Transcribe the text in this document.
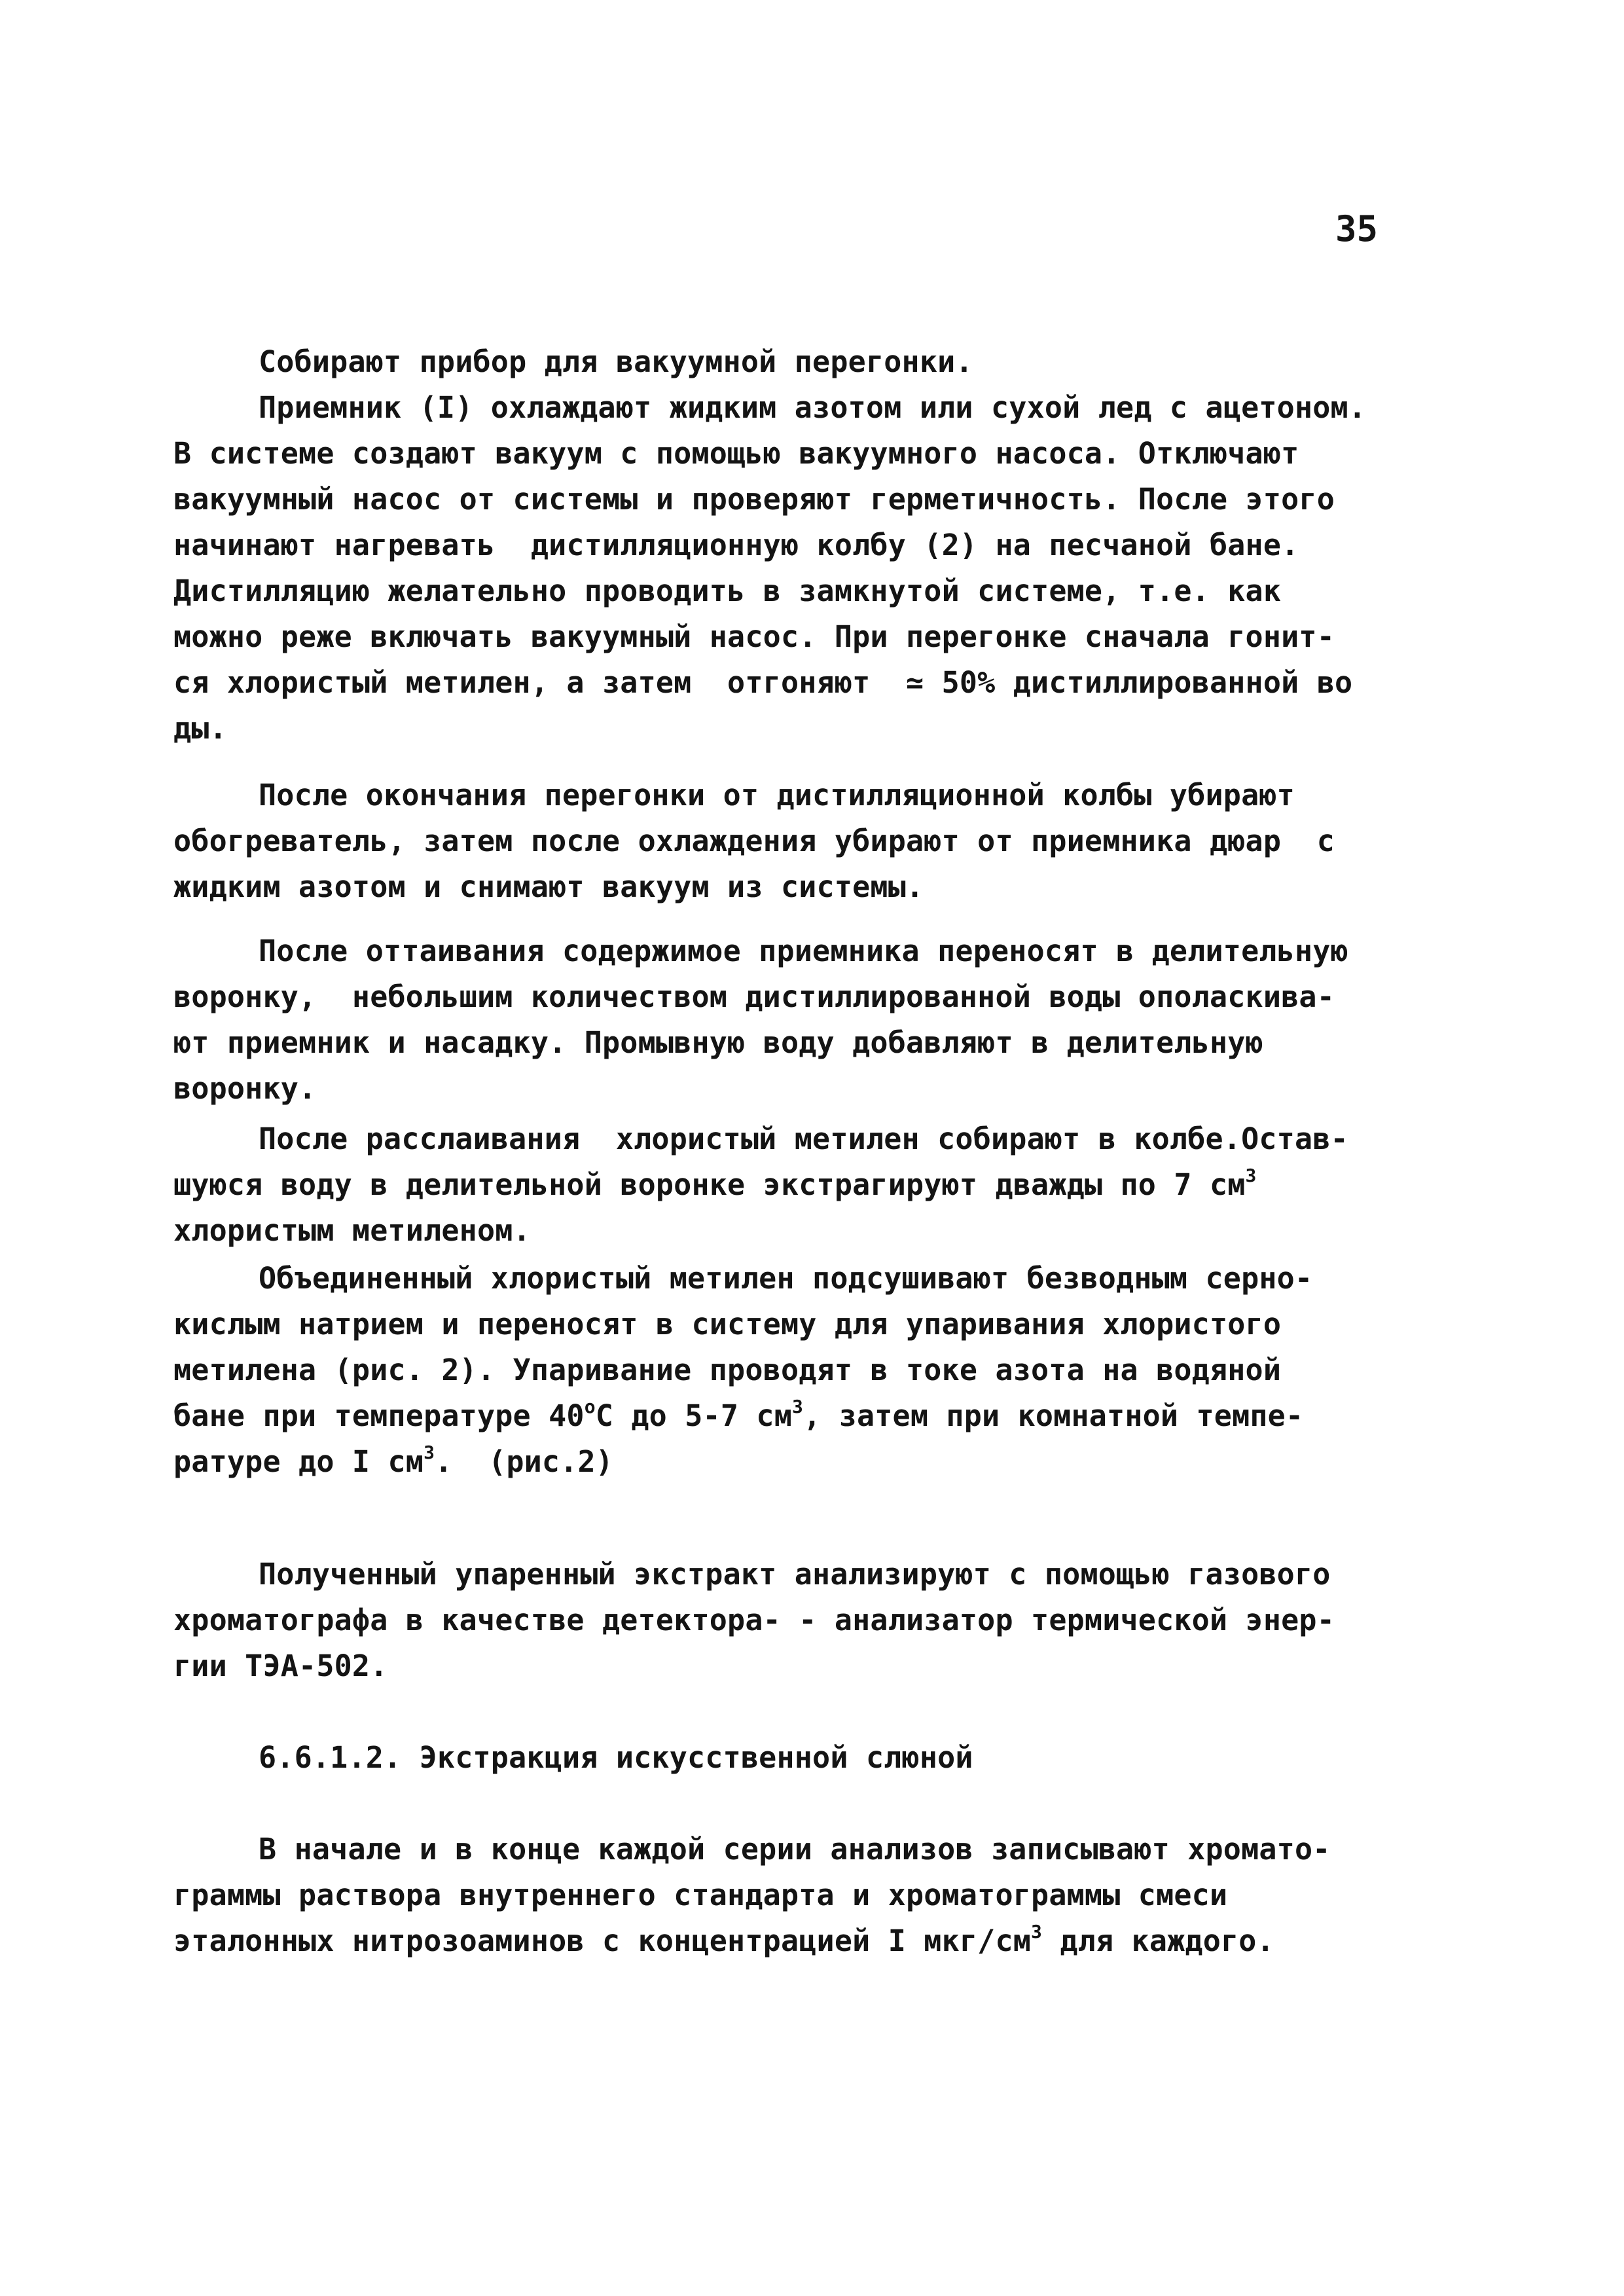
35
Собирают прибор для вакуумной перегонки.
Приемник (I) охлаждают жидким азотом или сухой лед с ацетоном.
В системе создают вакуум с помощью вакуумного насоса. Отключают
вакуумный насос от системы и проверяют герметичность. После этого
начинают нагревать  дистилляционную колбу (2) на песчаной бане.
Дистилляцию желательно проводить в замкнутой системе, т.е. как
можно реже включать вакуумный насос. При перегонке сначала гонит-
ся хлористый метилен, а затем  отгоняют  ≃ 50% дистиллированной во
ды.
После окончания перегонки от дистилляционной колбы убирают
обогреватель, затем после охлаждения убирают от приемника дюар  с
жидким азотом и снимают вакуум из системы.
После оттаивания содержимое приемника переносят в делительную
воронку,  небольшим количеством дистиллированной воды ополаскива-
ют приемник и насадку. Промывную воду добавляют в делительную
воронку.
После расслаивания  хлористый метилен собирают в колбе.Остав-
шуюся воду в делительной воронке экстрагируют дважды по 7 $см^3$
хлористым метиленом.
Объединенный хлористый метилен подсушивают безводным серно-
кислым натрием и переносят в систему для упаривания хлористого
метилена (рис. 2). Упаривание проводят в токе азота на водяной
бане при температуре 40$^o$С до 5-7 $см^3$, затем при комнатной темпе-
ратуре до I $см^3$.  (рис.2)
Полученный упаренный экстракт анализируют с помощью газового
хроматографа в качестве детектора- - анализатор термической энер-
гии ТЭА-502.
6.6.1.2. Экстракция искусственной слюной
В начале и в конце каждой серии анализов записывают хромато-
граммы раствора внутреннего стандарта и хроматограммы смеси
эталонных нитрозоаминов с концентрацией I мкг/$см^3$ для каждого.
